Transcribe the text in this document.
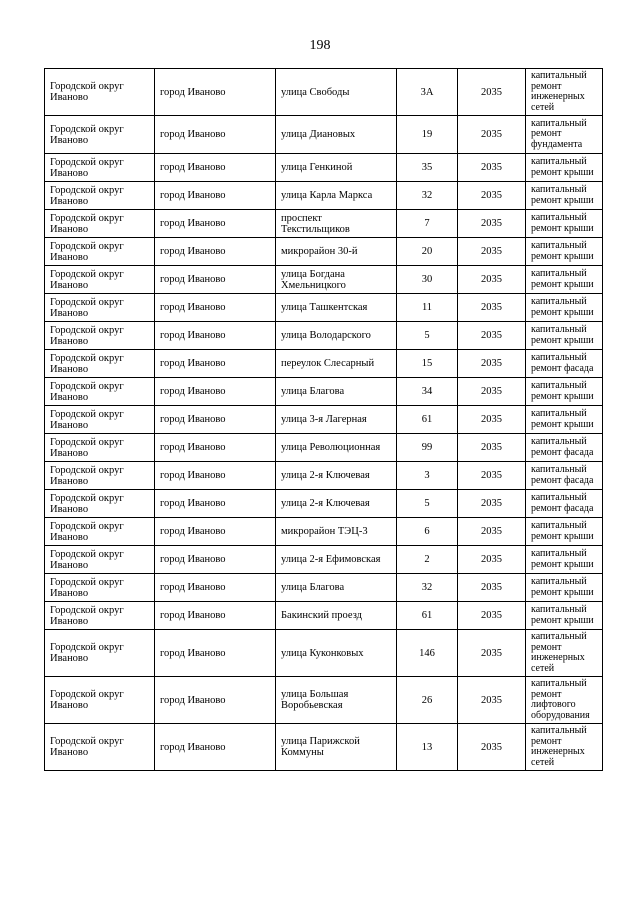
198
Городской округ Иваново	город Иваново	улица Свободы	3А	2035	капитальный ремонт инженерных сетей
Городской округ Иваново	город Иваново	улица Диановых	19	2035	капитальный ремонт фундамента
Городской округ Иваново	город Иваново	улица Генкиной	35	2035	капитальный ремонт крыши
Городской округ Иваново	город Иваново	улица Карла Маркса	32	2035	капитальный ремонт крыши
Городской округ Иваново	город Иваново	проспект Текстильщиков	7	2035	капитальный ремонт крыши
Городской округ Иваново	город Иваново	микрорайон 30-й	20	2035	капитальный ремонт крыши
Городской округ Иваново	город Иваново	улица Богдана Хмельницкого	30	2035	капитальный ремонт крыши
Городской округ Иваново	город Иваново	улица Ташкентская	11	2035	капитальный ремонт крыши
Городской округ Иваново	город Иваново	улица Володарского	5	2035	капитальный ремонт крыши
Городской округ Иваново	город Иваново	переулок Слесарный	15	2035	капитальный ремонт фасада
Городской округ Иваново	город Иваново	улица Благова	34	2035	капитальный ремонт крыши
Городской округ Иваново	город Иваново	улица 3-я Лагерная	61	2035	капитальный ремонт крыши
Городской округ Иваново	город Иваново	улица Революционная	99	2035	капитальный ремонт фасада
Городской округ Иваново	город Иваново	улица 2-я Ключевая	3	2035	капитальный ремонт фасада
Городской округ Иваново	город Иваново	улица 2-я Ключевая	5	2035	капитальный ремонт фасада
Городской округ Иваново	город Иваново	микрорайон ТЭЦ-3	6	2035	капитальный ремонт крыши
Городской округ Иваново	город Иваново	улица 2-я Ефимовская	2	2035	капитальный ремонт крыши
Городской округ Иваново	город Иваново	улица Благова	32	2035	капитальный ремонт крыши
Городской округ Иваново	город Иваново	Бакинский проезд	61	2035	капитальный ремонт крыши
Городской округ Иваново	город Иваново	улица Куконковых	146	2035	капитальный ремонт инженерных сетей
Городской округ Иваново	город Иваново	улица Большая Воробьевская	26	2035	капитальный ремонт лифтового оборудования
Городской округ Иваново	город Иваново	улица Парижской Коммуны	13	2035	капитальный ремонт инженерных сетей
